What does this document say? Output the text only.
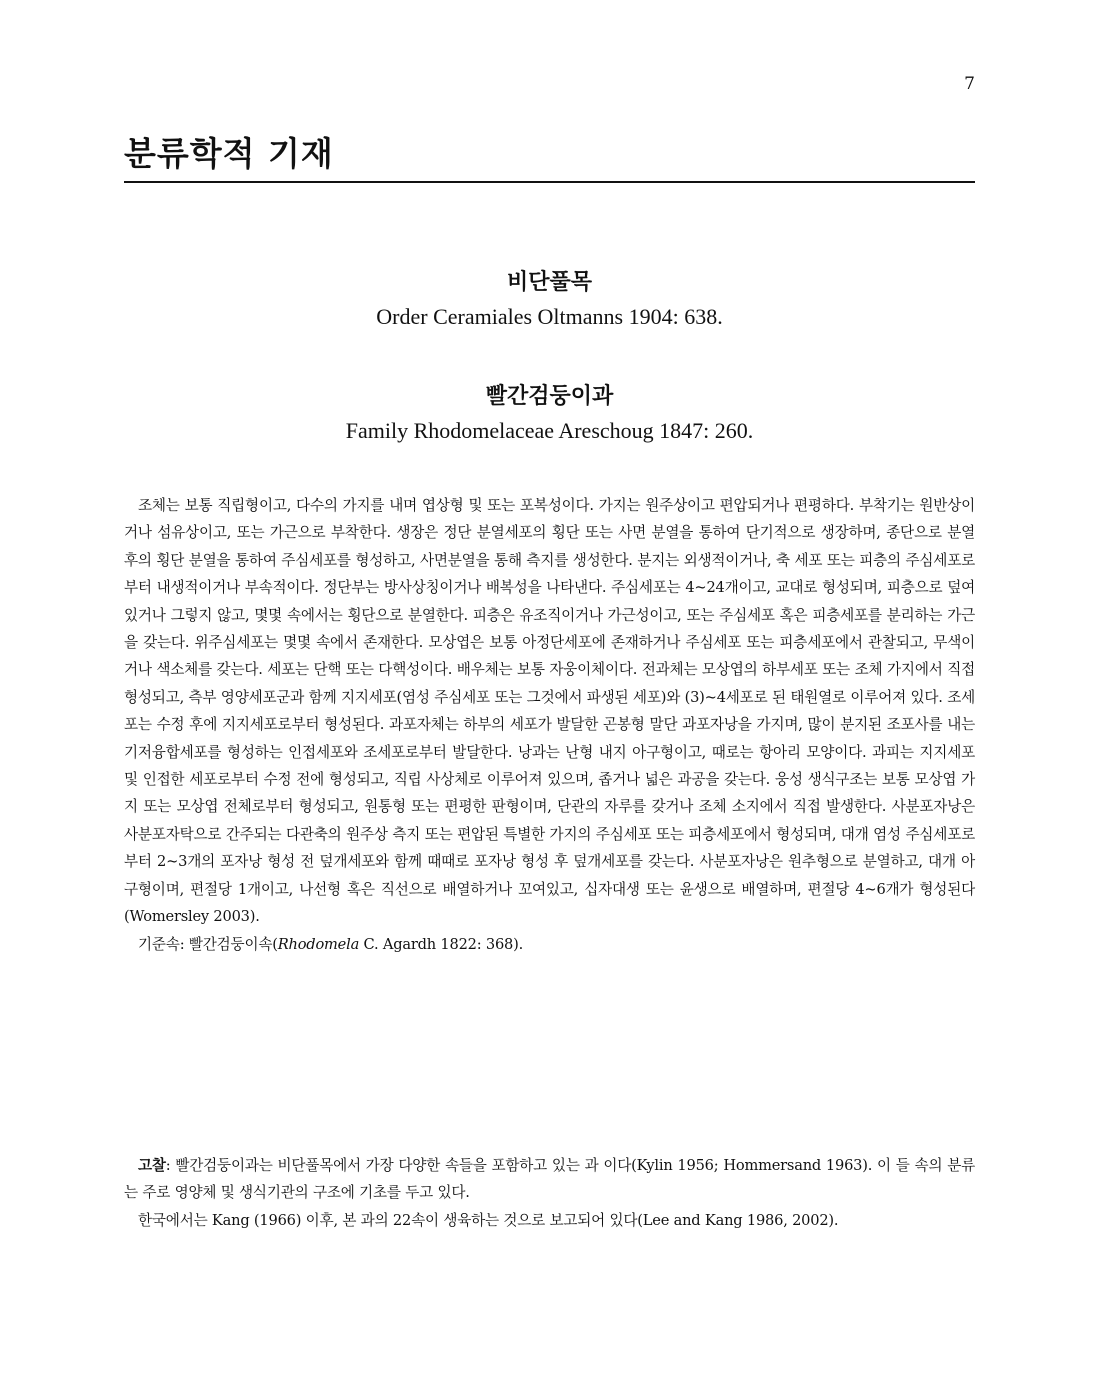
7
분류학적 기재
비단풀목
Order Ceramiales Oltmanns 1904: 638.
빨간검둥이과
Family Rhodomelaceae Areschoug 1847: 260.

조체는 보통 직립형이고, 다수의 가지를 내며 엽상형 및 또는 포복성이다. 가지는 원주상이고 편압되거나 편평하다. 부착기는 원반상이거나 섬유상이고, 또는 가근으로 부착한다. 생장은 정단 분열세포의 횡단 또는 사면 분열을 통하여 단기적으로 생장하며, 종단으로 분열 후의 횡단 분열을 통하여 주심세포를 형성하고, 사면분열을 통해 측지를 생성한다. 분지는 외생적이거나, 축 세포 또는 피층의 주심세포로부터 내생적이거나 부속적이다. 정단부는 방사상칭이거나 배복성을 나타낸다. 주심세포는 4~24개이고, 교대로 형성되며, 피층으로 덮여있거나 그렇지 않고, 몇몇 속에서는 횡단으로 분열한다. 피층은 유조직이거나 가근성이고, 또는 주심세포 혹은 피층세포를 분리하는 가근을 갖는다. 위주심세포는 몇몇 속에서 존재한다. 모상엽은 보통 아정단세포에 존재하거나 주심세포 또는 피층세포에서 관찰되고, 무색이거나 색소체를 갖는다. 세포는 단핵 또는 다핵성이다. 배우체는 보통 자웅이체이다. 전과체는 모상엽의 하부세포 또는 조체 가지에서 직접 형성되고, 측부 영양세포군과 함께 지지세포(염성 주심세포 또는 그것에서 파생된 세포)와 (3)~4세포로 된 태원열로 이루어져 있다. 조세포는 수정 후에 지지세포로부터 형성된다. 과포자체는 하부의 세포가 발달한 곤봉형 말단 과포자낭을 가지며, 많이 분지된 조포사를 내는 기저융합세포를 형성하는 인접세포와 조세포로부터 발달한다. 낭과는 난형 내지 아구형이고, 때로는 항아리 모양이다. 과피는 지지세포 및 인접한 세포로부터 수정 전에 형성되고, 직립 사상체로 이루어져 있으며, 좁거나 넓은 과공을 갖는다. 웅성 생식구조는 보통 모상엽 가지 또는 모상엽 전체로부터 형성되고, 원통형 또는 편평한 판형이며, 단관의 자루를 갖거나 조체 소지에서 직접 발생한다. 사분포자낭은 사분포자탁으로 간주되는 다관축의 원주상 측지 또는 편압된 특별한 가지의 주심세포 또는 피층세포에서 형성되며, 대개 염성 주심세포로부터 2~3개의 포자낭 형성 전 덮개세포와 함께 때때로 포자낭 형성 후 덮개세포를 갖는다. 사분포자낭은 원추형으로 분열하고, 대개 아구형이며, 편절당 1개이고, 나선형 혹은 직선으로 배열하거나 꼬여있고, 십자대생 또는 윤생으로 배열하며, 편절당 4~6개가 형성된다(Womersley 2003).

기준속: 빨간검둥이속(Rhodomela C. Agardh 1822: 368).

고찰: 빨간검둥이과는 비단풀목에서 가장 다양한 속들을 포함하고 있는 과 이다(Kylin 1956; Hommersand 1963). 이 들 속의 분류는 주로 영양체 및 생식기관의 구조에 기초를 두고 있다.

한국에서는 Kang (1966) 이후, 본 과의 22속이 생육하는 것으로 보고되어 있다(Lee and Kang 1986, 2002).
